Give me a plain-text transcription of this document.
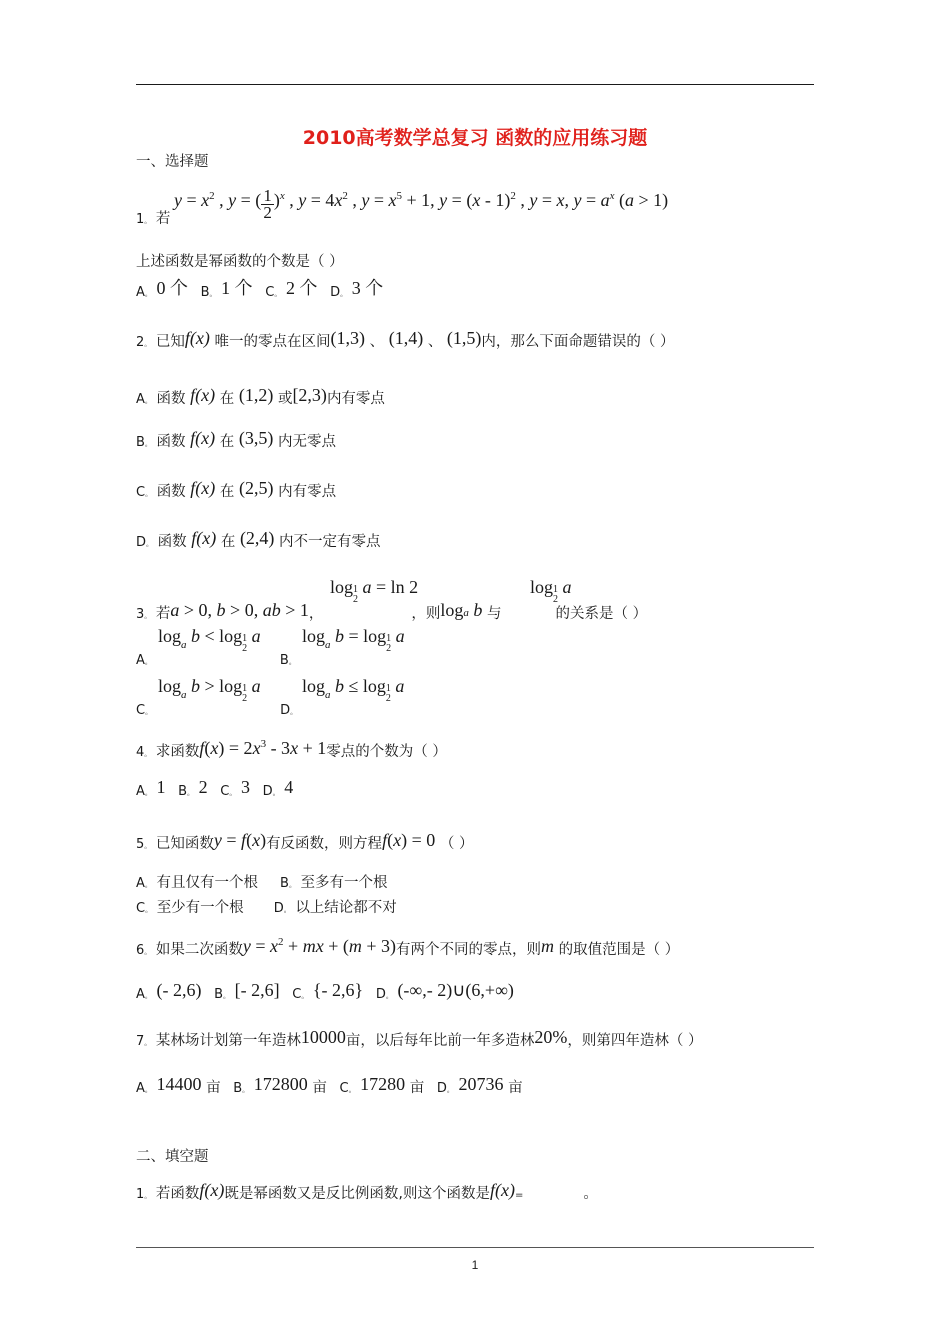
2010高考数学总复习 函数的应用练习题
一、选择题
$y = x^2$ , y = ( $\frac{1}{2} )^x$ , $y = 4x^2$ , $y = x^5 + 1$, y = (x - 1)$^2$ , y = x, $y = a^x$ (a > 1)
1。 若
上述函数是幂函数的个数是（ ）
A。 0 个 B。 1 个 C。 2 个 D。 3 个
2。 已知f(x) 唯一的零点在区间(1,3) 、 (1,4) 、 (1,5)内，那么下面命题错误的（ ）
A。 函数 f(x) 在 (1,2) 或[2,3)内有零点
B。 函数 f(x) 在 (3,5) 内无零点
C。 函数 f(x) 在 (2,5) 内有零点
D。 函数 f(x) 在 (2,4) 内不一定有零点
log 1
2
a = ln 2	log 1
2
a
3。 若a > 0, b > 0, ab > 1，	，则loga b 与	的关系是（ ）
$\log_a b < \log 1$
2
a $\log_a b = \log 1$
2
a
A。	B。
$\log_a b > \log 1$
2
a $\log_a b \le \log 1$
2
a
C。	D。
4。 求函数$f(x) = 2x^3 - 3x + 1$零点的个数为（ ）
A。 1 B。 2 C。 3 D。 4
5。 已知函数y = f(x)有反函数，则方程f(x) = 0 （ ）
A。 有且仅有一个根 B。 至多有一个根
C。 至少有一个根 D。 以上结论都不对
6。 如果二次函数$y = x^2$ + mx + (m + 3)有两个不同的零点，则m 的取值范围是（ ）
A。 (- 2,6) B。 [- 2,6] C。 {- 2,6} D。 (-∞,- 2)∪(6,+∞)
7。 某林场计划第一年造林10000亩，以后每年比前一年多造林20%，则第四年造林（ ）
A。 14400 亩 B。 172800 亩 C。 17280 亩 D。 20736 亩
二、填空题
1。 若函数f(x)既是幂函数又是反比例函数,则这个函数是f(x)=	。
1
